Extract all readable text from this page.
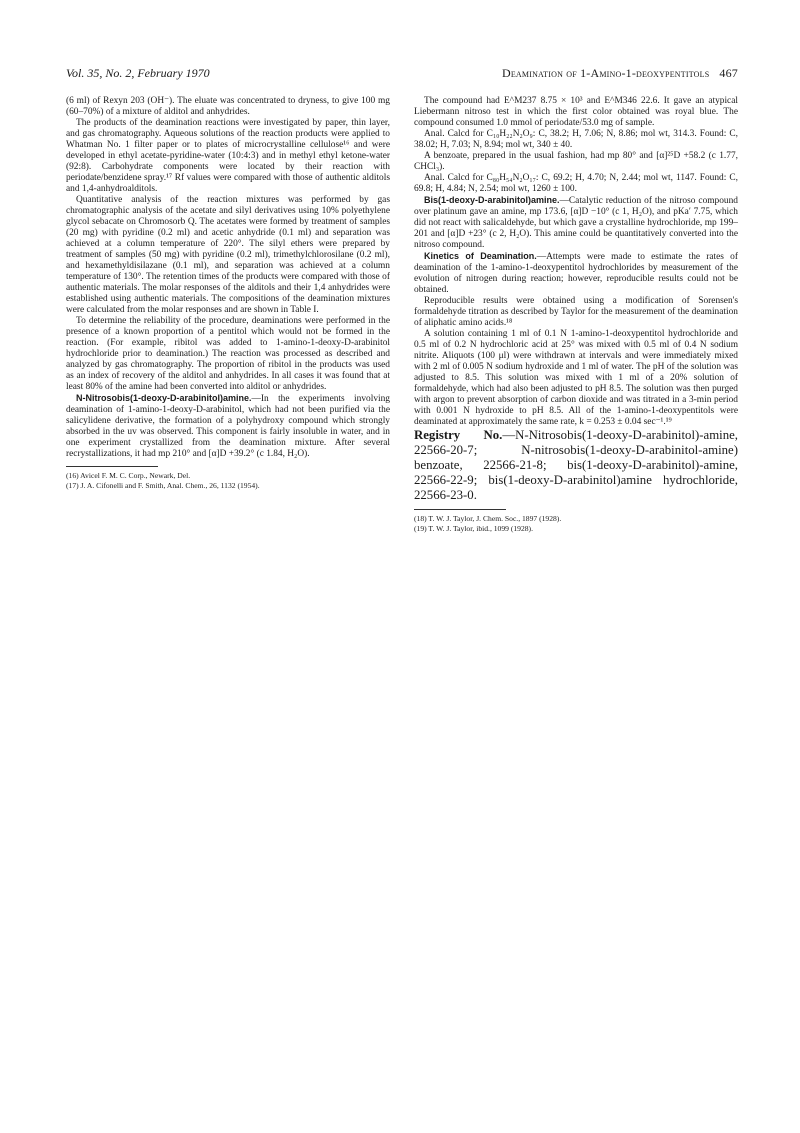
Vol. 35, No. 2, February 1970	Deamination of 1-Amino-1-deoxypentitols 467

(6 ml) of Rexyn 203 (OH⁻). The eluate was concentrated to dryness, to give 100 mg (60–70%) of a mixture of alditol and anhydrides.

The products of the deamination reactions were investigated by paper, thin layer, and gas chromatography. Aqueous solutions of the reaction products were applied to Whatman No. 1 filter paper or to plates of microcrystalline cellulose¹⁶ and were developed in ethyl acetate-pyridine-water (10:4:3) and in methyl ethyl ketone-water (92:8). Carbohydrate components were located by their reaction with periodate/benzidene spray.¹⁷ Rf values were compared with those of authentic alditols and 1,4-anhydroalditols.

Quantitative analysis of the reaction mixtures was performed by gas chromatographic analysis of the acetate and silyl derivatives using 10% polyethylene glycol sebacate on Chromosorb Q. The acetates were formed by treatment of samples (20 mg) with pyridine (0.2 ml) and acetic anhydride (0.1 ml) and separation was achieved at a column temperature of 220°. The silyl ethers were prepared by treatment of samples (50 mg) with pyridine (0.2 ml), trimethylchlorosilane (0.2 ml), and hexamethyldisilazane (0.1 ml), and separation was achieved at a column temperature of 130°. The retention times of the products were compared with those of authentic materials. The molar responses of the alditols and their 1,4 anhydrides were established using authentic materials. The compositions of the deamination mixtures were calculated from the molar responses and are shown in Table I.

To determine the reliability of the procedure, deaminations were performed in the presence of a known proportion of a pentitol which would not be formed in the reaction. (For example, ribitol was added to 1-amino-1-deoxy-D-arabinitol hydrochloride prior to deamination.) The reaction was processed as described and analyzed by gas chromatography. The proportion of ribitol in the products was used as an index of recovery of the alditol and anhydrides. In all cases it was found that at least 80% of the amine had been converted into alditol or anhydrides.

N-Nitrosobis(1-deoxy-D-arabinitol)amine.—In the experiments involving deamination of 1-amino-1-deoxy-D-arabinitol, which had not been purified via the salicylidene derivative, the formation of a polyhydroxy compound which strongly absorbed in the uv was observed. This component is fairly insoluble in water, and in one experiment crystallized from the deamination mixture. After several recrystallizations, it had mp 210° and [α]D +39.2° (c 1.84, H₂O).

(16) Avicel F. M. C. Corp., Newark, Del.

(17) J. A. Cifonelli and F. Smith, Anal. Chem., 26, 1132 (1954).

The compound had E^M237 8.75 × 10³ and E^M346 22.6. It gave an atypical Liebermann nitroso test in which the first color obtained was royal blue. The compound consumed 1.0 mmol of periodate/53.0 mg of sample.

Anal. Calcd for C₁₀H₂₂N₂O₉: C, 38.2; H, 7.06; N, 8.86; mol wt, 314.3. Found: C, 38.02; H, 7.03; N, 8.94; mol wt, 340 ± 40.

A benzoate, prepared in the usual fashion, had mp 80° and [α]²⁵D +58.2 (c 1.77, CHCl₃).

Anal. Calcd for C₈₀H₅₄N₂O₁₇: C, 69.2; H, 4.70; N, 2.44; mol wt, 1147. Found: C, 69.8; H, 4.84; N, 2.54; mol wt, 1260 ± 100.

Bis(1-deoxy-D-arabinitol)amine.—Catalytic reduction of the nitroso compound over platinum gave an amine, mp 173.6, [α]D −10° (c 1, H₂O), and pKa′ 7.75, which did not react with salicaldehyde, but which gave a crystalline hydrochloride, mp 199–201 and [α]D +23° (c 2, H₂O). This amine could be quantitatively converted into the nitroso compound.

Kinetics of Deamination.—Attempts were made to estimate the rates of deamination of the 1-amino-1-deoxypentitol hydrochlorides by measurement of the evolution of nitrogen during reaction; however, reproducible results could not be obtained.

Reproducible results were obtained using a modification of Sorensen's formaldehyde titration as described by Taylor for the measurement of the deamination of aliphatic amino acids.¹⁸

A solution containing 1 ml of 0.1 N 1-amino-1-deoxypentitol hydrochloride and 0.5 ml of 0.2 N hydrochloric acid at 25° was mixed with 0.5 ml of 0.4 N sodium nitrite. Aliquots (100 μl) were withdrawn at intervals and were immediately mixed with 2 ml of 0.005 N sodium hydroxide and 1 ml of water. The pH of the solution was adjusted to 8.5. This solution was mixed with 1 ml of a 20% solution of formaldehyde, which had also been adjusted to pH 8.5. The solution was then purged with argon to prevent absorption of carbon dioxide and was titrated in a 3-min period with 0.001 N hydroxide to pH 8.5. All of the 1-amino-1-deoxypentitols were deaminated at approximately the same rate, k = 0.253 ± 0.04 sec⁻¹.¹⁹

Registry No.—N-Nitrosobis(1-deoxy-D-arabinitol)-amine, 22566-20-7; N-nitrosobis(1-deoxy-D-arabinitol-amine) benzoate, 22566-21-8; bis(1-deoxy-D-arabinitol)-amine, 22566-22-9; bis(1-deoxy-D-arabinitol)amine hydrochloride, 22566-23-0.

(18) T. W. J. Taylor, J. Chem. Soc., 1897 (1928).

(19) T. W. J. Taylor, ibid., 1099 (1928).
